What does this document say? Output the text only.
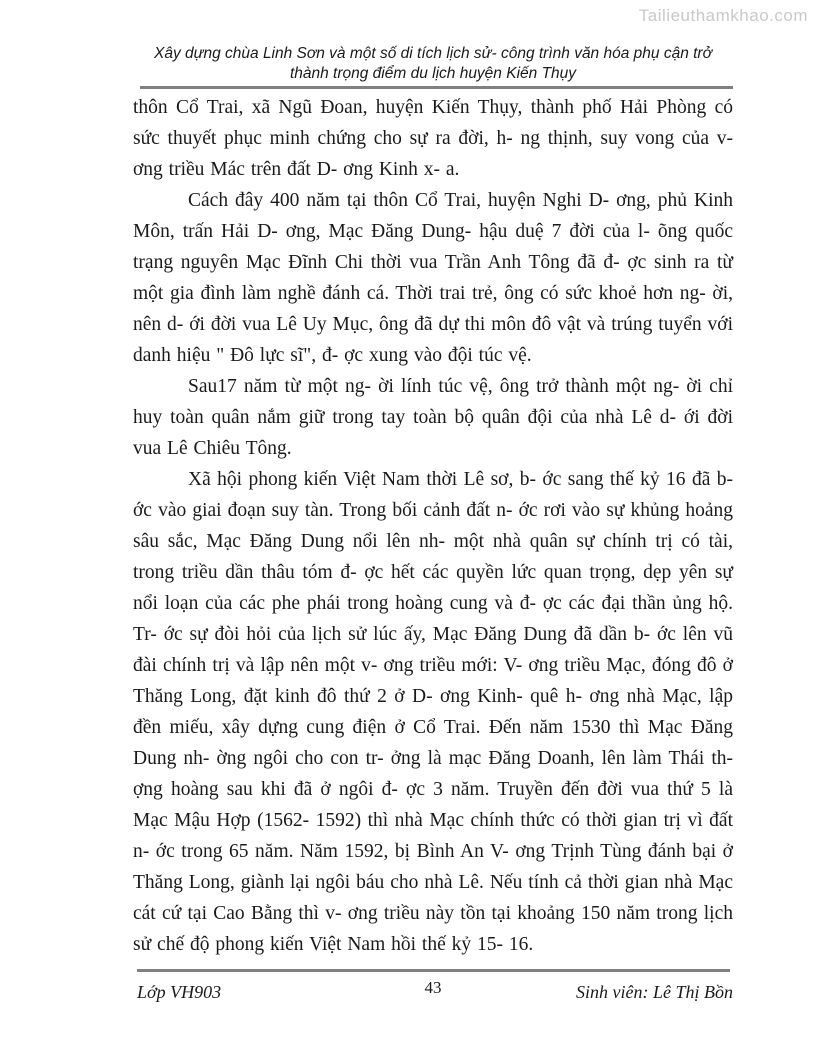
Tailieuthamkhao.com
Xây dựng chùa Linh Sơn và một số di tích lịch sử- công trình văn hóa phụ cận trở thành trọng điểm du lịch huyện Kiến Thụy

thôn Cổ Trai, xã Ngũ Đoan, huyện Kiến Thụy, thành phố Hải Phòng có sức thuyết phục minh chứng cho sự ra đời, h- ng thịnh, suy vong của v- ơng triều Mác trên đất D- ơng Kinh x- a.

Cách đây 400 năm tại thôn Cổ Trai, huyện Nghi D- ơng, phủ Kinh Môn, trấn Hải D- ơng, Mạc Đăng Dung- hậu duệ 7 đời của l- õng quốc trạng nguyên Mạc Đĩnh Chi thời vua Trần Anh Tông đã đ- ợc sinh ra từ một gia đình làm nghề đánh cá. Thời trai trẻ, ông có sức khoẻ hơn ng- ời, nên d- ới đời vua Lê Uy Mục, ông đã dự thi môn đô vật và trúng tuyển với danh hiệu " Đô lực sĩ", đ- ợc xung vào đội túc vệ.

Sau17 năm từ một ng- ời lính túc vệ, ông trở thành một ng- ời chỉ huy toàn quân nắm giữ trong tay toàn bộ quân đội của nhà Lê d- ới đời vua Lê Chiêu Tông.

Xã hội phong kiến Việt Nam thời Lê sơ, b- ớc sang thế kỷ 16 đã b- ớc vào giai đoạn suy tàn. Trong bối cảnh đất n- ớc rơi vào sự khủng hoảng sâu sắc, Mạc Đăng Dung nổi lên nh- một nhà quân sự chính trị có tài, trong triều dần thâu tóm đ- ợc hết các quyền lức quan trọng, dẹp yên sự nổi loạn của các phe phái trong hoàng cung và đ- ợc các đại thần ủng hộ. Tr- ớc sự đòi hỏi của lịch sử lúc ấy, Mạc Đăng Dung đã dần b- ớc lên vũ đài chính trị và lập nên một v- ơng triều mới: V- ơng triều Mạc, đóng đô ở Thăng Long, đặt kinh đô thứ 2 ở D- ơng Kinh- quê h- ơng nhà Mạc, lập đền miếu, xây dựng cung điện ở Cổ Trai. Đến năm 1530 thì Mạc Đăng Dung nh- ờng ngôi cho con tr- ởng là mạc Đăng Doanh, lên làm Thái th- ợng hoàng sau khi đã ở ngôi đ- ợc 3 năm. Truyền đến đời vua thứ 5 là Mạc Mậu Hợp (1562- 1592) thì nhà Mạc chính thức có thời gian trị vì đất n- ớc trong 65 năm. Năm 1592, bị Bình An V- ơng Trịnh Tùng đánh bại ở Thăng Long, giành lại ngôi báu cho nhà Lê. Nếu tính cả thời gian nhà Mạc cát cứ tại Cao Bằng thì v- ơng triều này tồn tại khoảng 150 năm trong lịch sử chế độ phong kiến Việt Nam hồi thế kỷ 15- 16.

Lớp VH903	43	Sinh viên: Lê Thị Bồn
